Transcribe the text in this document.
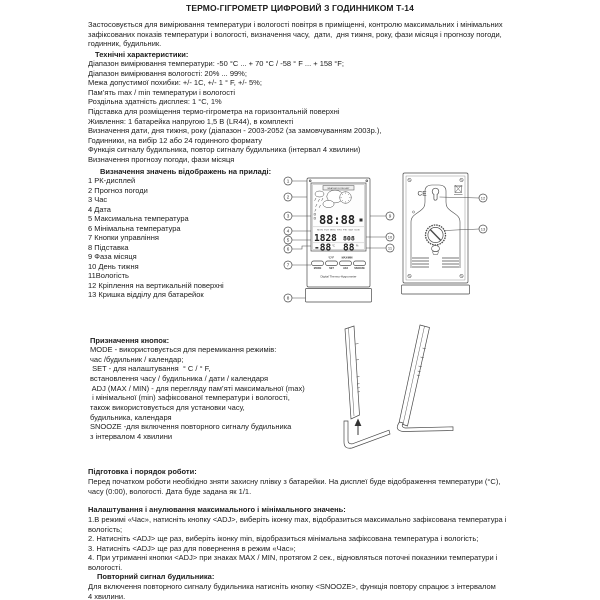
ТЕРМО-ГІГРОМЕТР ЦИФРОВИЙ З ГОДИННИКОМ Т-14
Застосовується для вимірювання температури і вологості повітря в приміщенні, контролю максимальних і мінімальних
зафіксованих показів температури і вологості, визначення часу,  дати,  дня тижня, року, фази місяця і прогнозу погоди,
годинник, будильник.
Технічні характеристики:
Діапазон вимірювання температури: -50 °C ... + 70 °C / -58 ° F ... + 158 °F;
Діапазон вимірювання вологості: 20% ... 99%;
Межа допустимої похибки: +/- 1С, +/- 1 ° F, +/- 5%;
Пам’ять max / min температури і вологості
Роздільна здатність дисплея: 1 °C, 1%
Підставка для розміщення термо-гігрометра на горизонтальній поверхні
Живлення: 1 батарейка напругою 1,5 В (LR44), в комплекті
Визначення дати, дня тижня, року (діапазон - 2003-2052 (за замовчуванням 2003р.),
Годинники, на вибір 12 або 24 годинного формату
Функція сигналу будильника, повтор сигналу будильника (інтервал 4 хвилини)
Визначення прогнозу погоди, фази місяця
Визначення значень відображень на приладі:
1 РК-дисплей
2 Прогноз погоди
3 Час
4 Дата
5 Максимальна температура
6 Мінімальна температура
7 Кнопки управління
8 Підставка
9 Фаза місяця
10 День тижня
11Вологість
12 Кріплення на вертикальній поверхні
13 Кришка відділу для батарейок
WEATHER FORECAST
88:88
MON TUE WED THU FRI SAT SUN
1828 808
-88 °C 88 %
°C/°F	MAX/MIN
MODE	SET	ADJ SNOOZE
Digital Thermo-Hygrometer
1
2
3
4
5
6
7
8
9
10
11
CE
12
13
Призначення кнопок:
MODE - використовується для перемикання режимів:
час /будильник / календар;
SET - для налаштування  ° C / ° F,
встановлення часу / будильника / дати / календаря
ADJ (MAX / MIN) - для перегляду пам’яті максимальної (max)
і мінімальної (min) зафіксованої температури і вологості,
також використовується для установки часу,
будильника, календаря
SNOOZE -для включення повторного сигналу будильника
з інтервалом 4 хвилини
Підготовка і порядок роботи:
Перед початком роботи необхідно зняти захисну плівку з батарейки. На дисплеї буде відображення температури (°C),
часу (0:00), вологості. Дата буде задана як 1/1.
Налаштування і анулювання максимального і мінімального значень:
1.В режимі «Час», натисніть кнопку <ADJ>, виберіть іконку max, відобразиться максимально зафіксована температура і
вологість;
2. Натисніть <ADJ> ще раз, виберіть іконку min, відобразиться мінімальна зафіксована температура і вологість;
3. Натисніть <ADJ> ще раз для повернення в режим «Час»;
4. При утриманні кнопки <ADJ> при знаках MAX / MIN, протягом 2 сек., відновляться поточні показники температури і
вологості.
Повторний сигнал будильника:
Для включення повторного сигналу будильника натисніть кнопку <SNOOZE>, функція повтору спрацює з інтервалом
4 хвилини.
